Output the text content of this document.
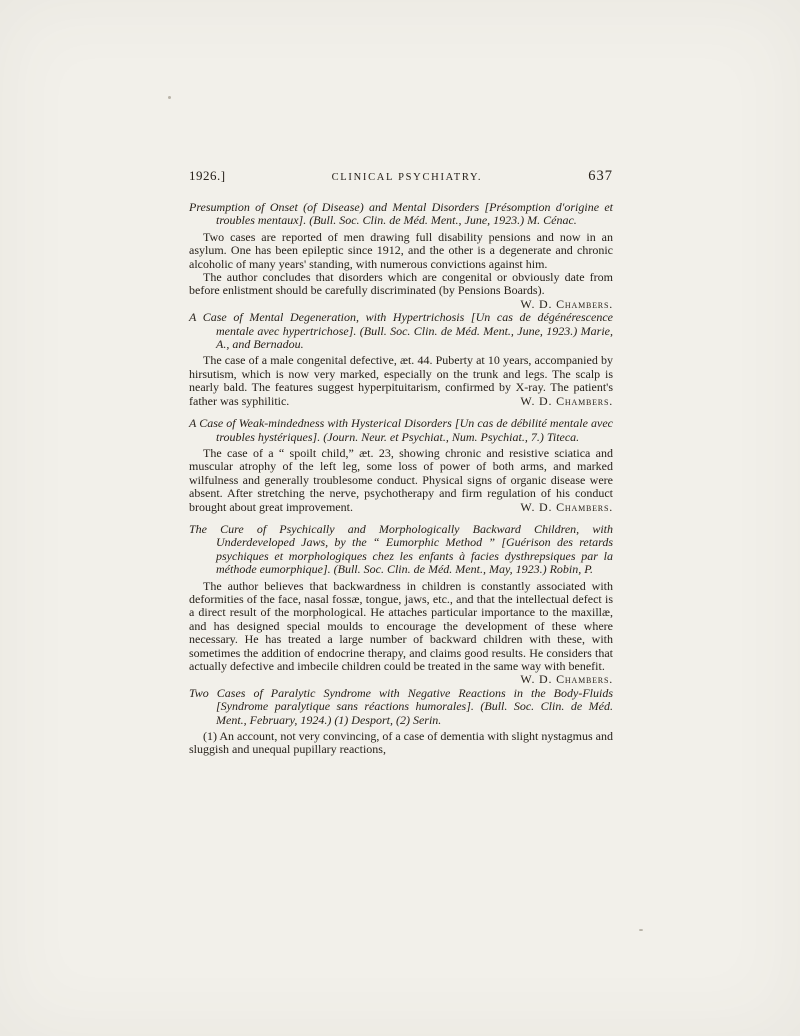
1926.]	CLINICAL PSYCHIATRY.	637

Presumption of Onset (of Disease) and Mental Disorders [Présomption d'origine et troubles mentaux]. (Bull. Soc. Clin. de Méd. Ment., June, 1923.) M. Cénac.

Two cases are reported of men drawing full disability pensions and now in an asylum. One has been epileptic since 1912, and the other is a degenerate and chronic alcoholic of many years' standing, with numerous convictions against him.

The author concludes that disorders which are congenital or obviously date from before enlistment should be carefully discriminated (by Pensions Boards).
W. D. Chambers.

A Case of Mental Degeneration, with Hypertrichosis [Un cas de dégénérescence mentale avec hypertrichose]. (Bull. Soc. Clin. de Méd. Ment., June, 1923.) Marie, A., and Bernadou.

The case of a male congenital defective, æt. 44. Puberty at 10 years, accompanied by hirsutism, which is now very marked, especially on the trunk and legs. The scalp is nearly bald. The features suggest hyperpituitarism, confirmed by X-ray. The patient's father was syphilitic.	W. D. Chambers.

A Case of Weak-mindedness with Hysterical Disorders [Un cas de débilité mentale avec troubles hystériques]. (Journ. Neur. et Psychiat., Num. Psychiat., 7.) Titeca.

The case of a “ spoilt child,” æt. 23, showing chronic and resistive sciatica and muscular atrophy of the left leg, some loss of power of both arms, and marked wilfulness and generally troublesome conduct. Physical signs of organic disease were absent. After stretching the nerve, psychotherapy and firm regulation of his conduct brought about great improvement.	W. D. Chambers.

The Cure of Psychically and Morphologically Backward Children, with Underdeveloped Jaws, by the “ Eumorphic Method ” [Guérison des retards psychiques et morphologiques chez les enfants à facies dysthrepsiques par la méthode eumorphique]. (Bull. Soc. Clin. de Méd. Ment., May, 1923.) Robin, P.

The author believes that backwardness in children is constantly associated with deformities of the face, nasal fossæ, tongue, jaws, etc., and that the intellectual defect is a direct result of the morphological. He attaches particular importance to the maxillæ, and has designed special moulds to encourage the development of these where necessary. He has treated a large number of backward children with these, with sometimes the addition of endocrine therapy, and claims good results. He considers that actually defective and imbecile children could be treated in the same way with benefit.
W. D. Chambers.

Two Cases of Paralytic Syndrome with Negative Reactions in the Body-Fluids [Syndrome paralytique sans réactions humorales]. (Bull. Soc. Clin. de Méd. Ment., February, 1924.) (1) Desport, (2) Serin.

(1) An account, not very convincing, of a case of dementia with slight nystagmus and sluggish and unequal pupillary reactions,
